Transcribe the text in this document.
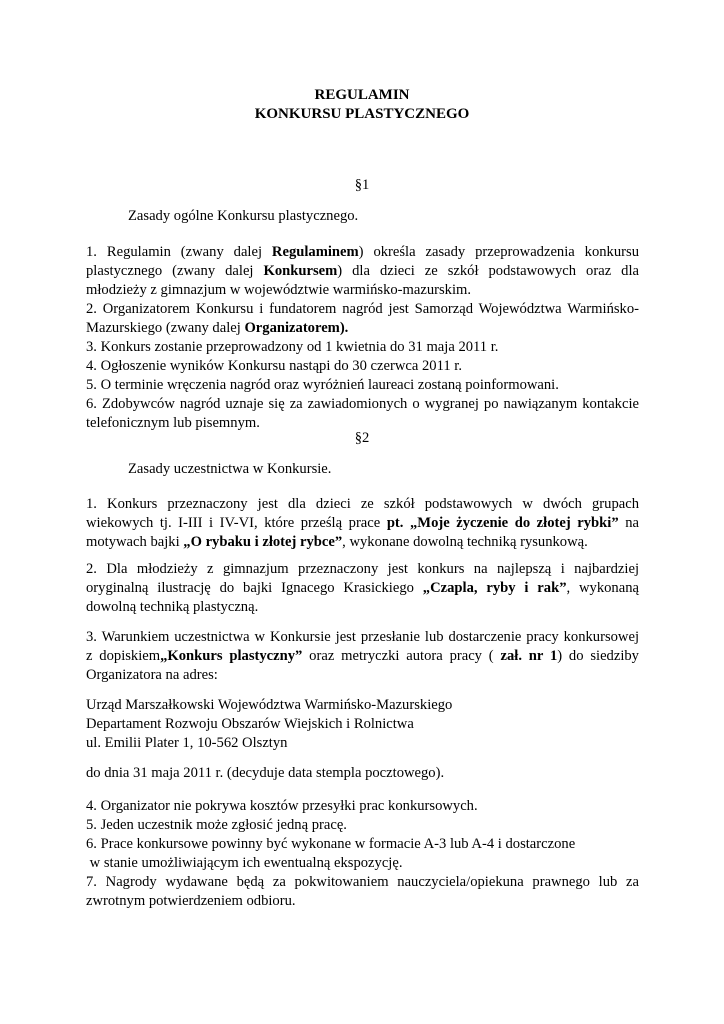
REGULAMIN
KONKURSU PLASTYCZNEGO
§1
Zasady ogólne Konkursu plastycznego.
1. Regulamin (zwany dalej Regulaminem) określa zasady przeprowadzenia konkursu
plastycznego (zwany dalej Konkursem) dla dzieci ze szkół podstawowych oraz dla
młodzieży z gimnazjum w województwie warmińsko-mazurskim.
2. Organizatorem Konkursu i fundatorem nagród jest Samorząd Województwa Warmińsko-
Mazurskiego (zwany dalej Organizatorem).
3. Konkurs zostanie przeprowadzony od 1 kwietnia do 31 maja 2011 r.
4. Ogłoszenie wyników Konkursu nastąpi do 30 czerwca 2011 r.
5. O terminie wręczenia nagród oraz wyróżnień laureaci zostaną poinformowani.
6. Zdobywców nagród uznaje się za zawiadomionych o wygranej po nawiązanym kontakcie
telefonicznym lub pisemnym.
§2
Zasady uczestnictwa w Konkursie.
1. Konkurs przeznaczony jest dla dzieci ze szkół podstawowych w dwóch grupach
wiekowych tj. I-III i IV-VI, które prześlą prace pt. „Moje życzenie do złotej rybki” na
motywach bajki „O rybaku i złotej rybce”, wykonane dowolną techniką rysunkową.
2. Dla młodzieży z gimnazjum przeznaczony jest konkurs na najlepszą i najbardziej
oryginalną ilustrację do bajki Ignacego Krasickiego „Czapla, ryby i rak”, wykonaną
dowolną techniką plastyczną.
3. Warunkiem uczestnictwa w Konkursie jest przesłanie lub dostarczenie pracy konkursowej
z dopiskiem„Konkurs plastyczny” oraz metryczki autora pracy ( zał. nr 1) do siedziby
Organizatora na adres:
Urząd Marszałkowski Województwa Warmińsko-Mazurskiego
Departament Rozwoju Obszarów Wiejskich i Rolnictwa
ul. Emilii Plater 1, 10-562 Olsztyn
do dnia 31 maja 2011 r. (decyduje data stempla pocztowego).
4. Organizator nie pokrywa kosztów przesyłki prac konkursowych.
5. Jeden uczestnik może zgłosić jedną pracę.
6. Prace konkursowe powinny być wykonane w formacie A-3 lub A-4 i dostarczone
w stanie umożliwiającym ich ewentualną ekspozycję.
7. Nagrody wydawane będą za pokwitowaniem nauczyciela/opiekuna prawnego lub za
zwrotnym potwierdzeniem odbioru.
